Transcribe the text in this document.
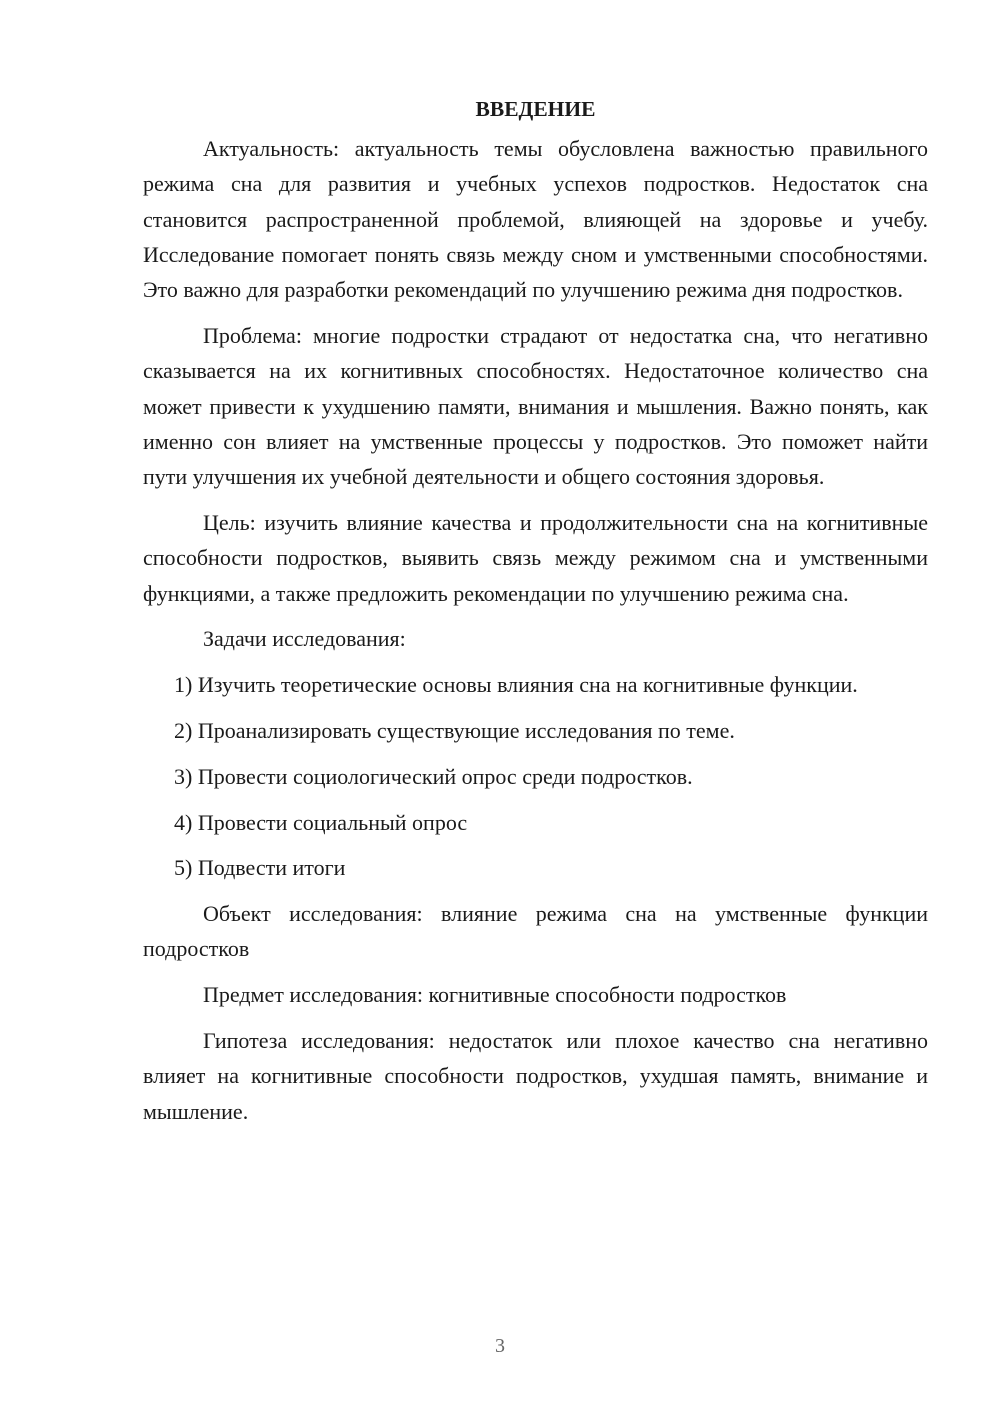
ВВЕДЕНИЕ

Актуальность: актуальность темы обусловлена важностью правильного режима сна для развития и учебных успехов подростков. Недостаток сна становится распространенной проблемой, влияющей на здоровье и учебу. Исследование помогает понять связь между сном и умственными способностями. Это важно для разработки рекомендаций по улучшению режима дня подростков.

Проблема: многие подростки страдают от недостатка сна, что негативно сказывается на их когнитивных способностях. Недостаточное количество сна может привести к ухудшению памяти, внимания и мышления. Важно понять, как именно сон влияет на умственные процессы у подростков. Это поможет найти пути улучшения их учебной деятельности и общего состояния здоровья.

Цель: изучить влияние качества и продолжительности сна на когнитивные способности подростков, выявить связь между режимом сна и умственными функциями, а также предложить рекомендации по улучшению режима сна.

Задачи исследования:

1) Изучить теоретические основы влияния сна на когнитивные функции.

2) Проанализировать существующие исследования по теме.

3) Провести социологический опрос среди подростков.

4) Провести социальный опрос

5) Подвести итоги

Объект исследования: влияние режима сна на умственные функции подростков

Предмет исследования: когнитивные способности подростков

Гипотеза исследования: недостаток или плохое качество сна негативно влияет на когнитивные способности подростков, ухудшая память, внимание и мышление.

3
